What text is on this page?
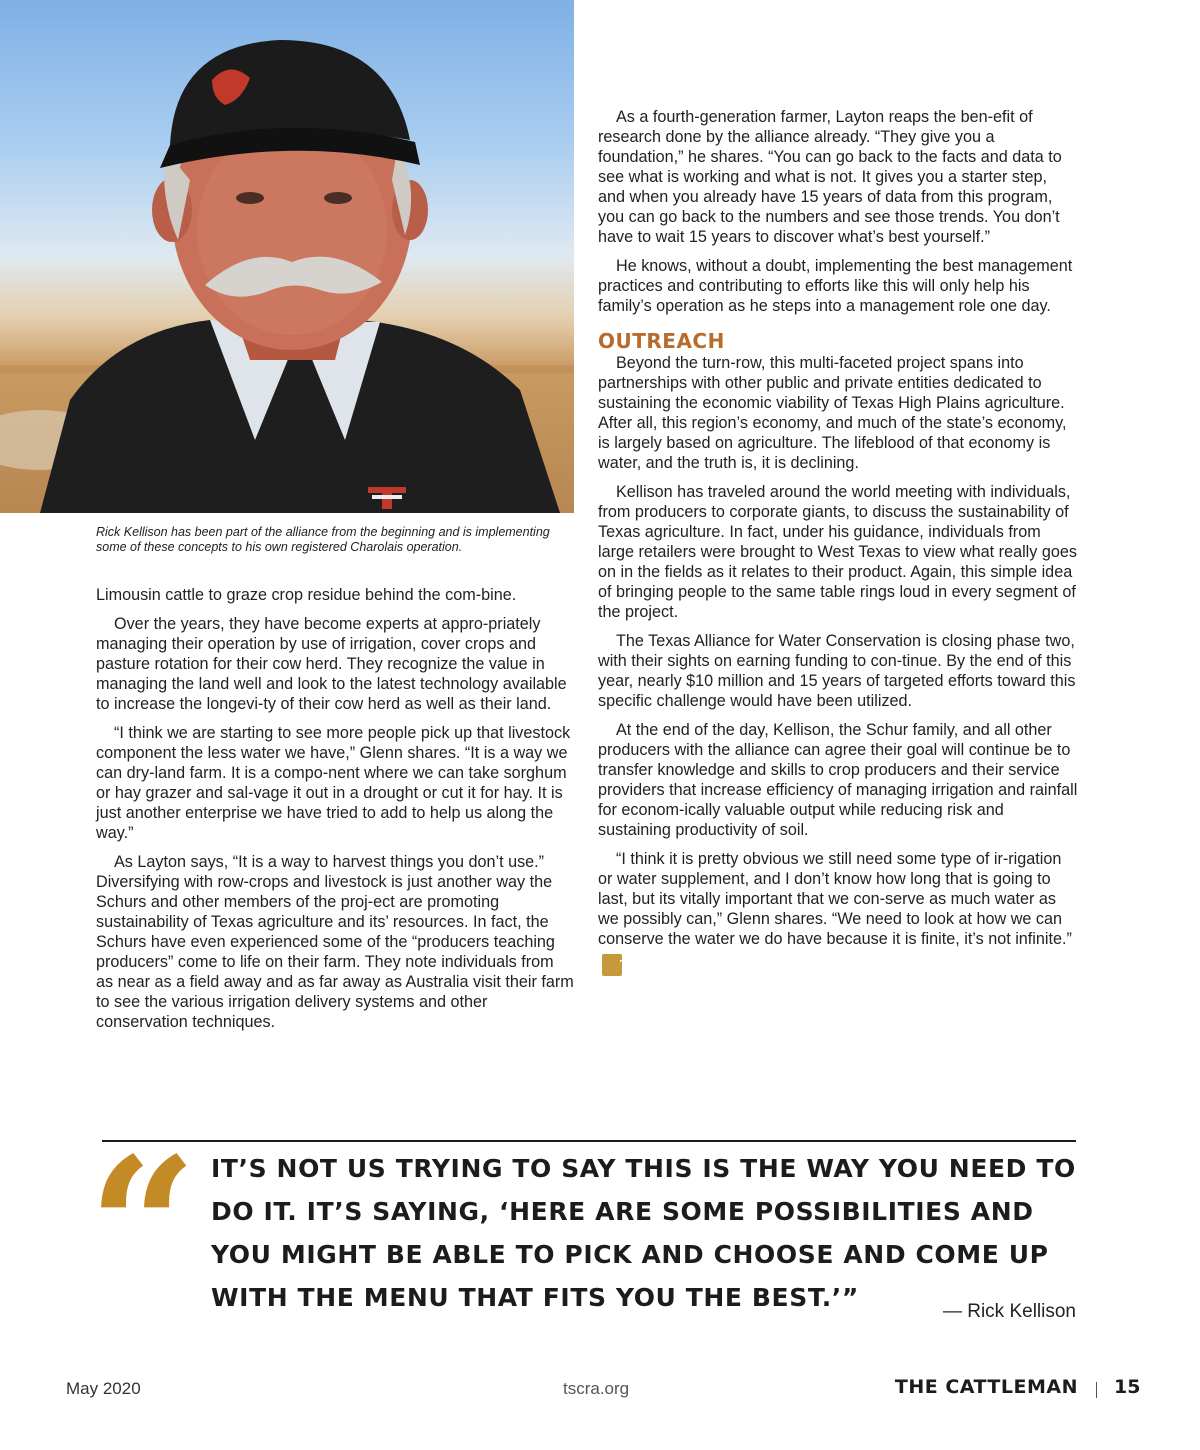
Rick Kellison has been part of the alliance from the beginning and is implementing some of these concepts to his own registered Charolais operation.

Limousin cattle to graze crop residue behind the com-bine.

Over the years, they have become experts at appro-priately managing their operation by use of irrigation, cover crops and pasture rotation for their cow herd. They recognize the value in managing the land well and look to the latest technology available to increase the longevi-ty of their cow herd as well as their land.

“I think we are starting to see more people pick up that livestock component the less water we have,” Glenn shares. “It is a way we can dry-land farm. It is a compo-nent where we can take sorghum or hay grazer and sal-vage it out in a drought or cut it for hay. It is just another enterprise we have tried to add to help us along the way.”

As Layton says, “It is a way to harvest things you don’t use.” Diversifying with row-crops and livestock is just another way the Schurs and other members of the proj-ect are promoting sustainability of Texas agriculture and its’ resources. In fact, the Schurs have even experienced some of the “producers teaching producers” come to life on their farm. They note individuals from as near as a field away and as far away as Australia visit their farm to see the various irrigation delivery systems and other conservation techniques.

As a fourth-generation farmer, Layton reaps the ben-efit of research done by the alliance already. “They give you a foundation,” he shares. “You can go back to the facts and data to see what is working and what is not. It gives you a starter step, and when you already have 15 years of data from this program, you can go back to the numbers and see those trends. You don’t have to wait 15 years to discover what’s best yourself.”

He knows, without a doubt, implementing the best management practices and contributing to efforts like this will only help his family’s operation as he steps into a management role one day.

OUTREACH

Beyond the turn-row, this multi-faceted project spans into partnerships with other public and private entities dedicated to sustaining the economic viability of Texas High Plains agriculture. After all, this region’s economy, and much of the state’s economy, is largely based on agriculture. The lifeblood of that economy is water, and the truth is, it is declining.

Kellison has traveled around the world meeting with individuals, from producers to corporate giants, to discuss the sustainability of Texas agriculture. In fact, under his guidance, individuals from large retailers were brought to West Texas to view what really goes on in the fields as it relates to their product. Again, this simple idea of bringing people to the same table rings loud in every segment of the project.

The Texas Alliance for Water Conservation is closing phase two, with their sights on earning funding to con-tinue. By the end of this year, nearly $10 million and 15 years of targeted efforts toward this specific challenge would have been utilized.

At the end of the day, Kellison, the Schur family, and all other producers with the alliance can agree their goal will continue be to transfer knowledge and skills to crop producers and their service providers that increase efficiency of managing irrigation and rainfall for econom-ically valuable output while reducing risk and sustaining productivity of soil.

“I think it is pretty obvious we still need some type of ir-rigation or water supplement, and I don’t know how long that is going to last, but its vitally important that we con-serve as much water as we possibly can,” Glenn shares. “We need to look at how we can conserve the water we do have because it is finite, it’s not infinite.”TC

“ IT’S NOT US TRYING TO SAY THIS IS THE WAY YOU NEED TO DO IT. IT’S SAYING, ‘HERE ARE SOME POSSIBILITIES AND YOU MIGHT BE ABLE TO PICK AND CHOOSE AND COME UP WITH THE MENU THAT FITS YOU THE BEST.’”	— Rick Kellison
May 2020	tscra.org	THE CATTLEMAN 15
